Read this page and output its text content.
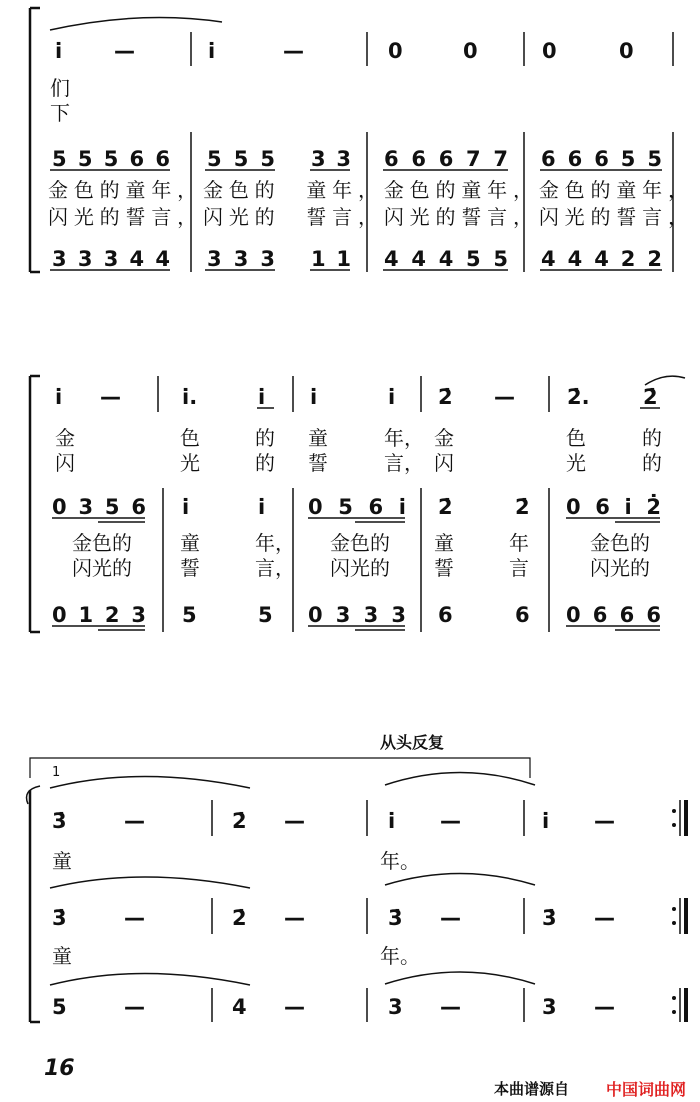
i̇ —	i̇	—	0	0	0	0
们
下
55566 555 33 66677 66655
金色的童年，金色的　童年，金色的童年，金色的童年，
闪光的誓言，闪光的　誓言，闪光的誓言，闪光的誓言，
33344 333 11 44455 44422
i̇ —	i̇.	i̇ i̇	i̇ 2̇ — 2̇.	2̇
金	色	的 童	年， 金	色	的
闪	光	的 誓	言， 闪	光	的
0356 i̇	i̇ 056i̇ 2̇	2̇ 06i̇2̇
金色的 童	年， 金色的 童	年	金色的
闪光的 誓	言， 闪光的 誓	言	闪光的
0123 5	5 0333 6	6 0666
从头反复
1
3̇	—	2̇ —	i̇ —	i̇ —
童	年。
3̇	—	2̇ —	3̇ —	3̇ —
童	年。
5	—	4 —	3 —	3 —
16
本曲谱源自 中国词曲网
